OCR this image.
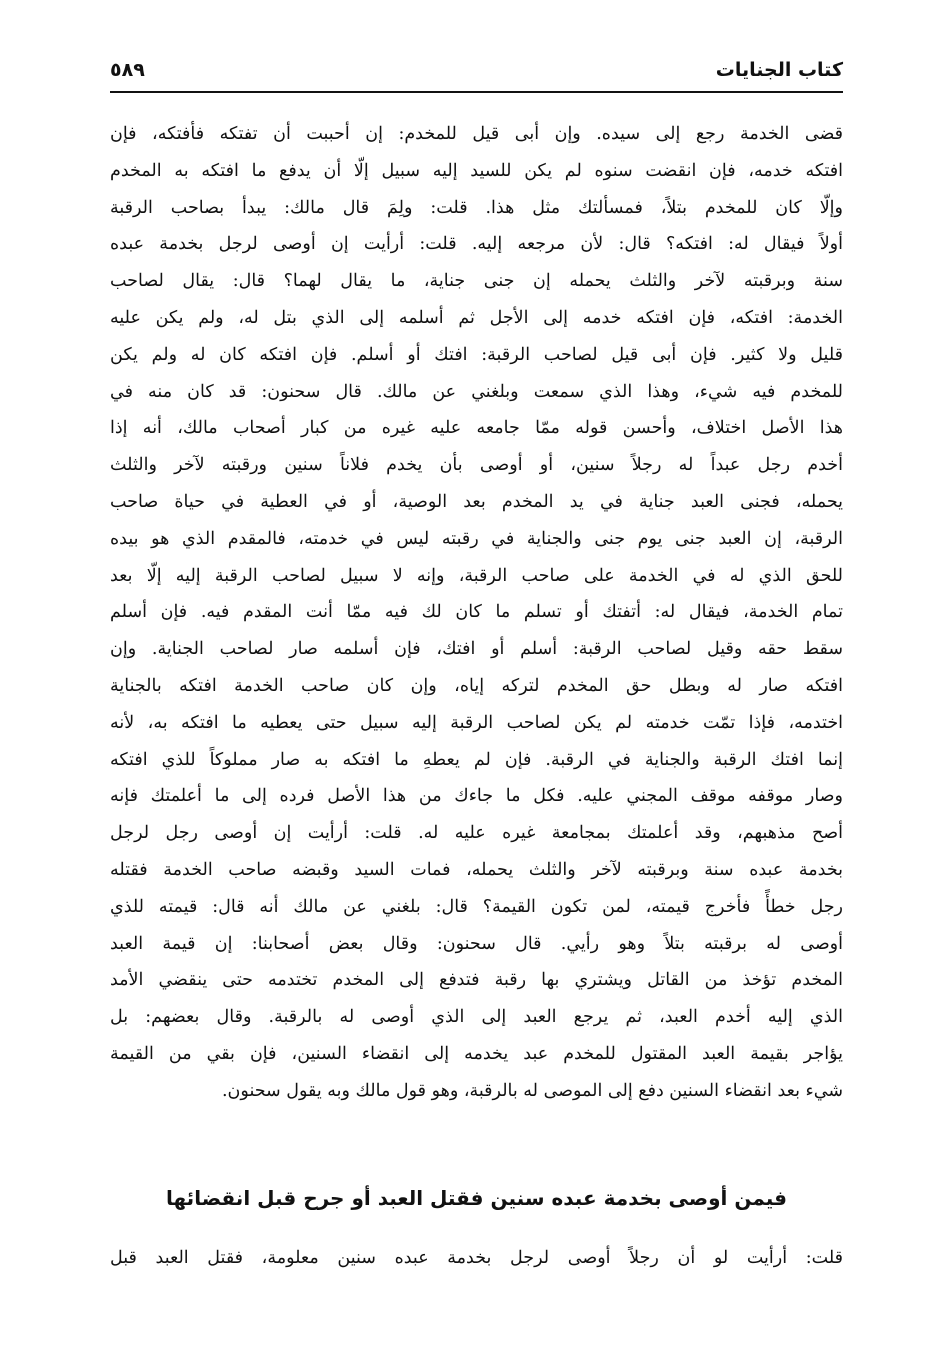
كتاب الجنايات
٥٨٩
قضى الخدمة رجع إلى سيده. وإن أبى قيل للمخدم: إن أحببت أن تفتكه فأفتكه، فإن
افتكه خدمه، فإن انقضت سنوه لم يكن للسيد إليه سبيل إلّا أن يدفع ما افتكه به المخدم
وإلّا كان للمخدم بتلاً، فمسألتك مثل هذا. قلت: ولِمَ قال مالك: يبدأ بصاحب الرقبة
أولاً فيقال له: افتكه؟ قال: لأن مرجعه إليه. قلت: أرأيت إن أوصى لرجل بخدمة عبده
سنة وبرقبته لآخر والثلث يحمله إن جنى جناية، ما يقال لهما؟ قال: يقال لصاحب
الخدمة: افتكه، فإن افتكه خدمه إلى الأجل ثم أسلمه إلى الذي بتل له، ولم يكن عليه
قليل ولا كثير. فإن أبى قيل لصاحب الرقبة: افتك أو أسلم. فإن افتكه كان له ولم يكن
للمخدم فيه شيء، وهذا الذي سمعت وبلغني عن مالك. قال سحنون: قد كان منه في
هذا الأصل اختلاف، وأحسن قوله ممّا جامعه عليه غيره من كبار أصحاب مالك، أنه إذا
أخدم رجل عبداً له رجلاً سنين، أو أوصى بأن يخدم فلاناً سنين ورقبته لآخر والثلث
يحمله، فجنى العبد جناية في يد المخدم بعد الوصية، أو في العطية في حياة صاحب
الرقبة، إن العبد جنى يوم جنى والجناية في رقبته ليس في خدمته، فالمقدم الذي هو بيده
للحق الذي له في الخدمة على صاحب الرقبة، وإنه لا سبيل لصاحب الرقبة إليه إلّا بعد
تمام الخدمة، فيقال له: أتفتك أو تسلم ما كان لك فيه ممّا أنت المقدم فيه. فإن أسلم
سقط حقه وقيل لصاحب الرقبة: أسلم أو افتك، فإن أسلمه صار لصاحب الجناية. وإن
افتكه صار له وبطل حق المخدم لتركه إياه، وإن كان صاحب الخدمة افتكه بالجناية
اختدمه، فإذا تمّت خدمته لم يكن لصاحب الرقبة إليه سبيل حتى يعطيه ما افتكه به، لأنه
إنما افتك الرقبة والجناية في الرقبة. فإن لم يعطهِ ما افتكه به صار مملوكاً للذي افتكه
وصار موقفه موقف المجني عليه. فكل ما جاءك من هذا الأصل فرده إلى ما أعلمتك فإنه
أصح مذهبهم، وقد أعلمتك بمجامعة غيره عليه له. قلت: أرأيت إن أوصى رجل لرجل
بخدمة عبده سنة وبرقبته لآخر والثلث يحمله، فمات السيد وقبضه صاحب الخدمة فقتله
رجل خطأً فأخرج قيمته، لمن تكون القيمة؟ قال: بلغني عن مالك أنه قال: قيمته للذي
أوصى له برقبته بتلاً وهو رأيي. قال سحنون: وقال بعض أصحابنا: إن قيمة العبد
المخدم تؤخذ من القاتل ويشتري بها رقبة فتدفع إلى المخدم تختدمه حتى ينقضي الأمد
الذي إليه أخدم العبد، ثم يرجع العبد إلى الذي أوصى له بالرقبة. وقال بعضهم: بل
يؤاجر بقيمة العبد المقتول للمخدم عبد يخدمه إلى انقضاء السنين، فإن بقي من القيمة
شيء بعد انقضاء السنين دفع إلى الموصى له بالرقبة، وهو قول مالك وبه يقول سحنون.
فيمن أوصى بخدمة عبده سنين فقتل العبد أو جرح قبل انقضائها
قلت: أرأيت لو أن رجلاً أوصى لرجل بخدمة عبده سنين معلومة، فقتل العبد قبل
